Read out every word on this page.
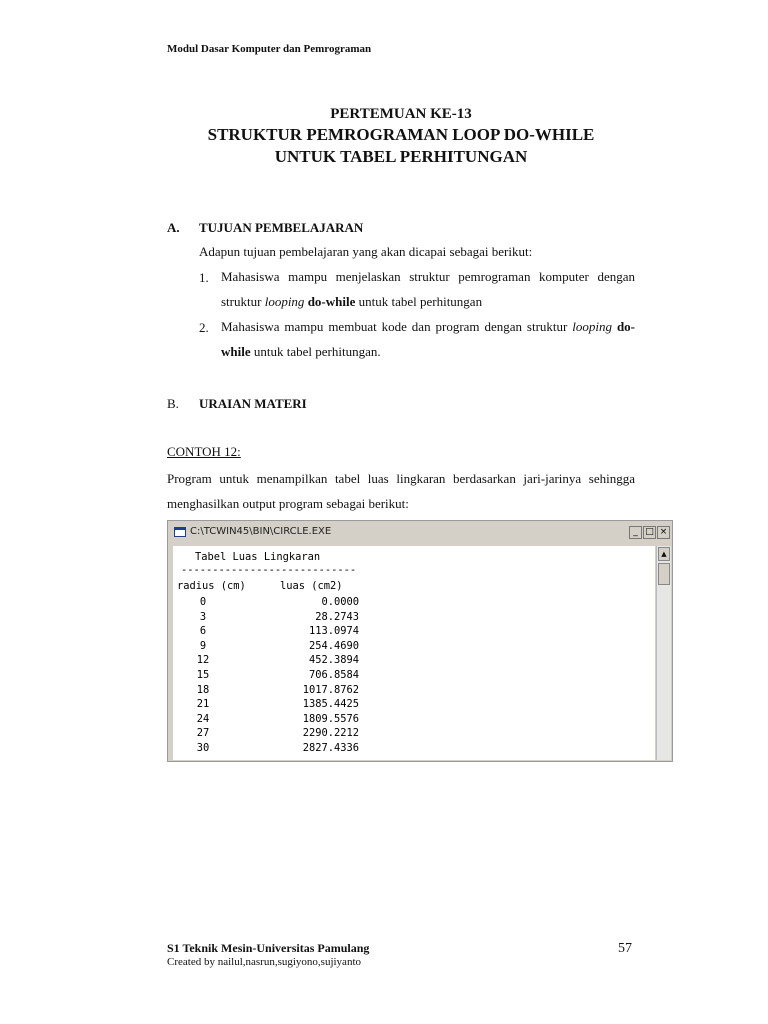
Modul Dasar Komputer dan Pemrograman
PERTEMUAN KE-13
STRUKTUR PEMROGRAMAN LOOP DO-WHILE
UNTUK TABEL PERHITUNGAN
A. TUJUAN PEMBELAJARAN
Adapun tujuan pembelajaran yang akan dicapai sebagai berikut:
1. Mahasiswa mampu menjelaskan struktur pemrograman komputer dengan struktur looping do-while untuk tabel perhitungan
2. Mahasiswa mampu membuat kode dan program dengan struktur looping do-while untuk tabel perhitungan.
B. URAIAN MATERI
CONTOH 12:
Program untuk menampilkan tabel luas lingkaran berdasarkan jari-jarinya sehingga menghasilkan output program sebagai berikut:
C:\TCWIN45\BIN\CIRCLE.EXE	_ □ ×
Tabel Luas Lingkaran
----------------------------
radius (cm)	luas (cm2)
0	0.0000
3	28.2743
6	113.0974
9	254.4690
12	452.3894
15	706.8584
18	1017.8762
21	1385.4425
24	1809.5576
27	2290.2212
30	2827.4336
▲
S1 Teknik Mesin-Universitas Pamulang
Created by nailul,nasrun,sugiyono,sujiyanto
57
